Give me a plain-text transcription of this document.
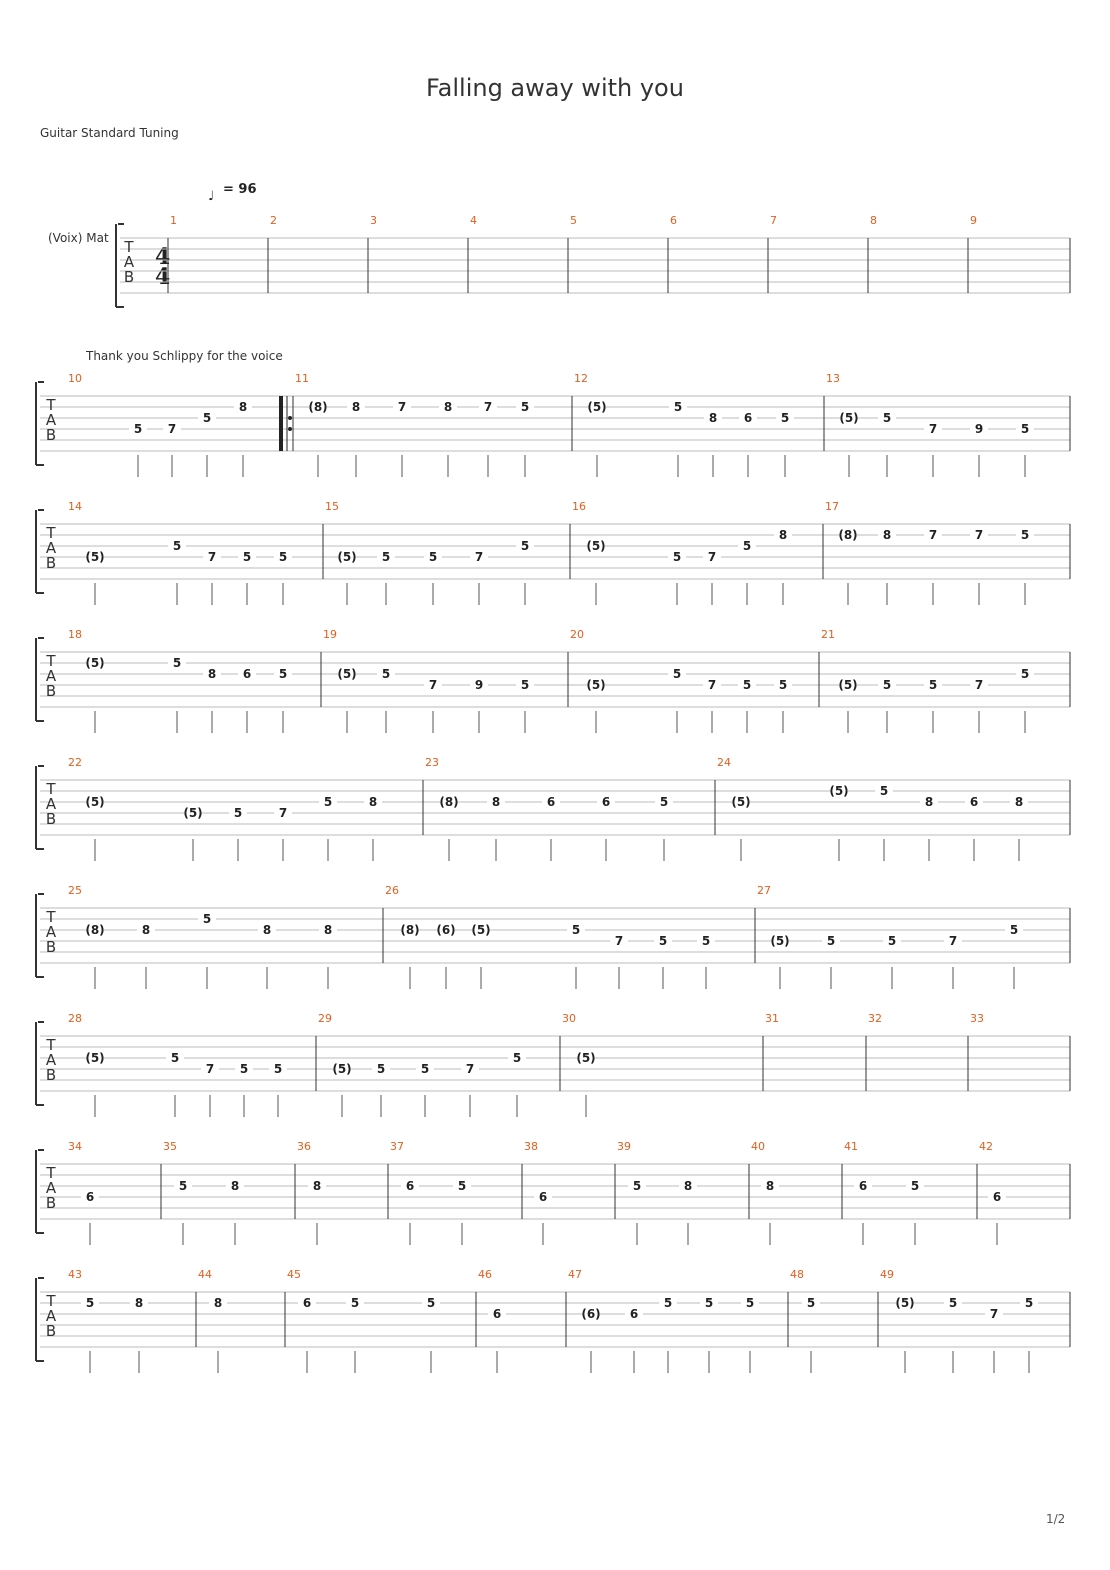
Falling away with you
Guitar Standard Tuning
♩ = 96
(Voix) Mat
4
4
Thank you Schlippy for the voice
1/2
T
A
B
1	2	3	4	5	6	7	8	9
T
A
B
10	11	12	13
5 7
5
8	(8) 8	7	8	7 5	(5)	5
8 6 5	(5) 5
7	9	5
T
A
B
14	15	16	17
(5)
5
7 5 5	(5) 5	5	7
5	(5)
5 7
5
8	(8) 8	7	7	5
T
A
B
18	19	20	21
(5)	5
8 6 5	(5) 5
7	9	5	(5)
5
7 5 5	(5) 5	5	7
5
T
A
B
22	23	24
(5)
(5)	5	7
5	8	(8)	8	6	6	5	(5)
(5)	5
8	6	8
T
A
B
25	26	27
(8)	8
5
8	8	(8) (6) (5)	5
7	5	5	(5)	5	5	7
5
T
A
B
28	29	30	31	32	33
(5)	5
7 5 5	(5) 5	5	7
5	(5)
T
A
B
34	35	36	37	38	39	40	41	42
6
5	8	8	6	5
6
5	8	8	6	5
6
T
A
B
43	44	45	46	47	48	49
5	8	8	6	5	5
6	(6) 6
5	5	5	5	(5)	5
7
5
